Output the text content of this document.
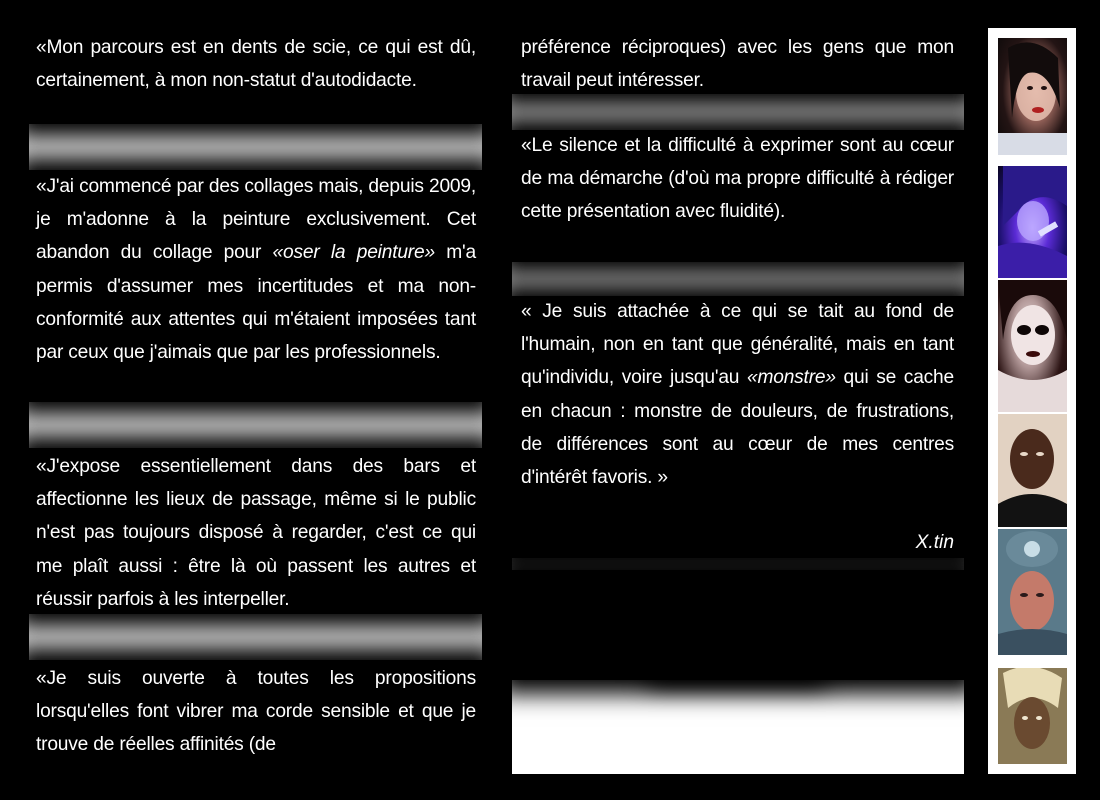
«Mon parcours est en dents de scie, ce qui est dû, certainement, à mon non-statut d'autodidacte.
«J'ai commencé par des collages mais, depuis 2009, je m'adonne à la peinture exclusivement. Cet abandon du collage pour «oser la peinture» m'a permis d'assumer mes incertitudes et ma non-conformité aux attentes qui m'étaient imposées tant par ceux que j'aimais que par les professionnels.
«J'expose essentiellement dans des bars et affectionne les lieux de passage, même si le public n'est pas toujours disposé à regarder, c'est ce qui me plaît aussi : être là où passent les autres et réussir parfois à les interpeller.
«Je suis ouverte à toutes les propositions lorsqu'elles font vibrer ma corde sensible et que je trouve de réelles affinités (de
préférence réciproques) avec les gens que mon travail peut intéresser.
«Le silence et la difficulté à exprimer sont au cœur de ma démarche (d'où ma propre difficulté à rédiger cette présentation avec fluidité).
« Je suis attachée à ce qui se tait au fond de l'humain, non en tant que généralité, mais en tant qu'individu, voire jusqu'au «monstre» qui se cache en chacun : monstre de douleurs, de frustrations, de différences sont au cœur de mes centres d'intérêt favoris. »
X.tin
